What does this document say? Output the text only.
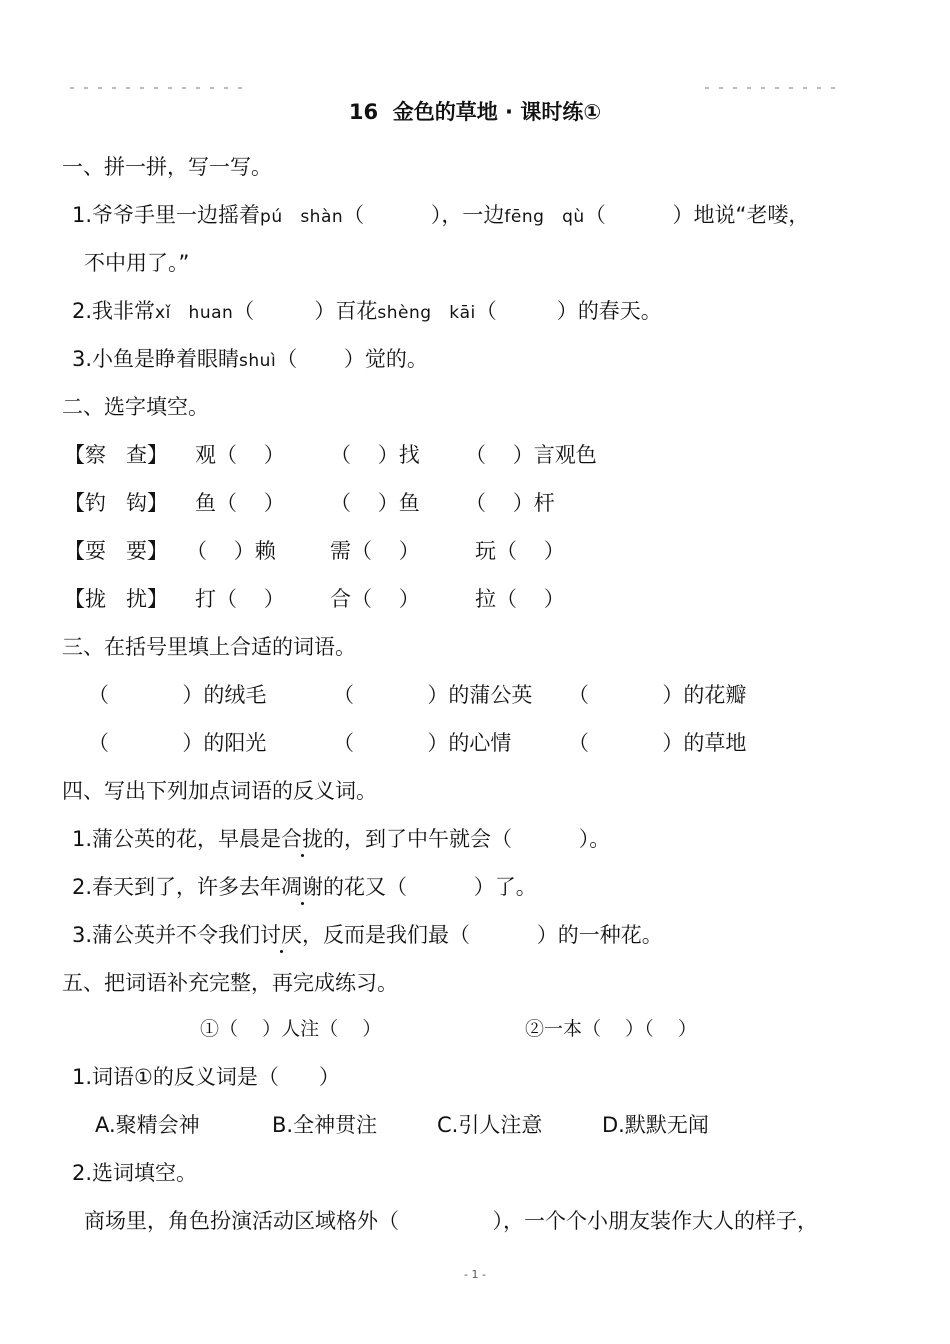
16  金色的草地 · 课时练①
一、拼一拼，写一写。
1.爷爷手里一边摇着pú   shàn（          ），一边fēng   qù（          ）地说“老喽，
不中用了。”
2.我非常xǐ   huan（         ）百花shèng   kāi（         ）的春天。
3.小鱼是睁着眼睛shuì（       ）觉的。
二、选字填空。
【察   查】 观（    ） （    ）找 （    ）言观色
【钓   钩】 鱼（    ） （    ）鱼 （    ）杆
【耍   要】 （    ）赖	需（    ）	玩（    ）
【拢   扰】 打（    ） 合（    ）	拉（    ）
三、在括号里填上合适的词语。
（           ）的绒毛	（           ）的蒲公英 （           ）的花瓣
（           ）的阳光	（           ）的心情	（           ）的草地
四、写出下列加点词语的反义词。
1.蒲公英的花，早晨是合拢的，到了中午就会（          ）。
2.春天到了，许多去年凋谢的花又（          ）了。
3.蒲公英并不令我们讨厌，反而是我们最（          ）的一种花。
五、把词语补充完整，再完成练习。
①（    ）人注（    ）	②一本（    ）（    ）
1.词语①的反义词是（      ）
A.聚精会神	B.全神贯注	C.引人注意	D.默默无闻
2.选词填空。
商场里，角色扮演活动区域格外（              ），一个个小朋友装作大人的样子，
- 1 -
